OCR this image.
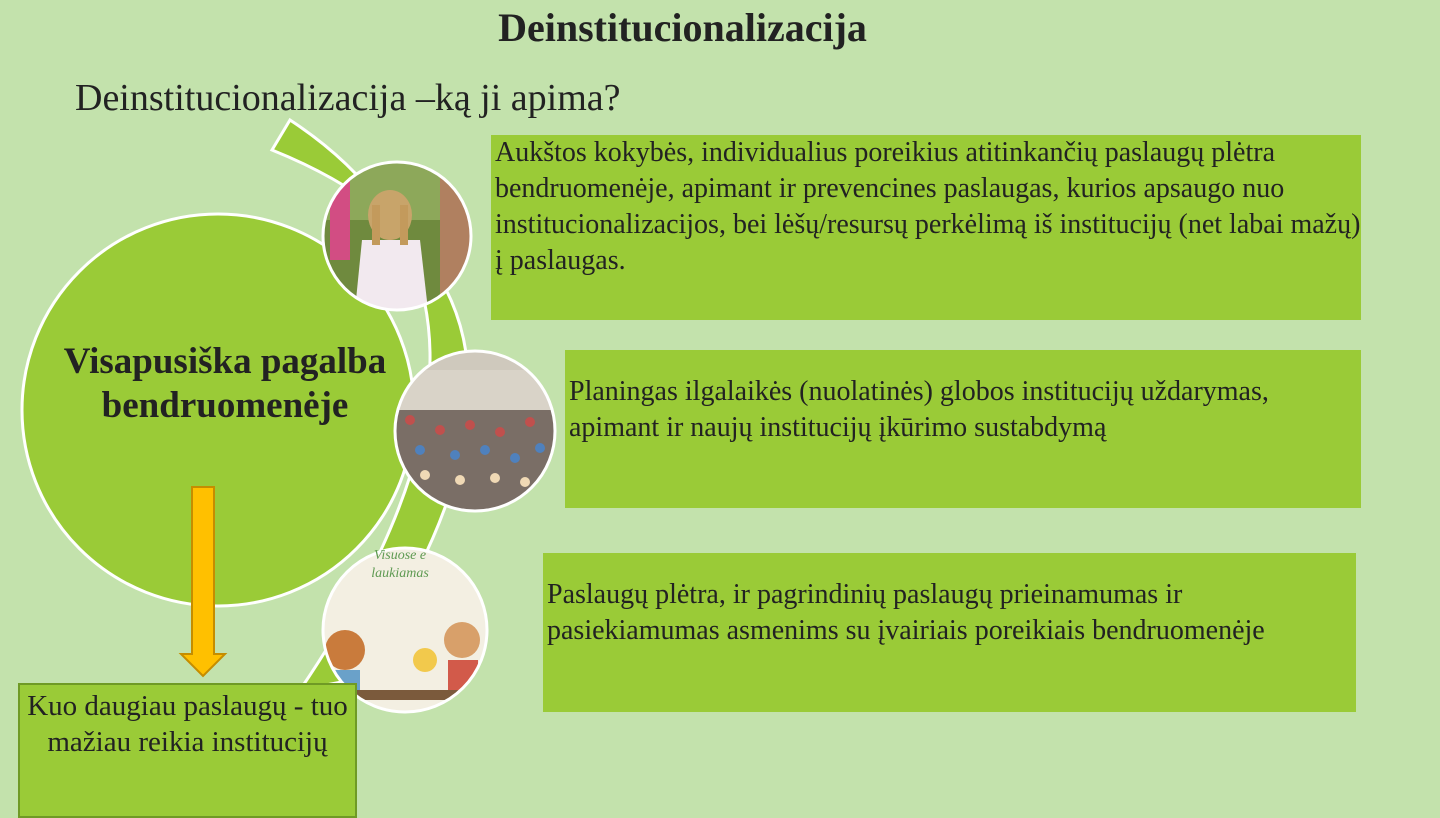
Deinstitucionalizacija
Deinstitucionalizacija –ką ji apima?
Visapusiška pagalba bendruomenėje
Visuose e
laukiamas
Aukštos kokybės, individualius poreikius atitinkančių paslaugų plėtra bendruomenėje, apimant ir prevencines paslaugas, kurios apsaugo nuo institucionalizacijos, bei lėšų/resursų perkėlimą iš institucijų (net labai mažų) į paslaugas.
Planingas ilgalaikės (nuolatinės) globos institucijų uždarymas, apimant ir naujų institucijų įkūrimo sustabdymą
Paslaugų plėtra, ir pagrindinių paslaugų prieinamumas ir pasiekiamumas asmenims su įvairiais poreikiais bendruomenėje
Kuo daugiau paslaugų - tuo mažiau reikia institucijų
